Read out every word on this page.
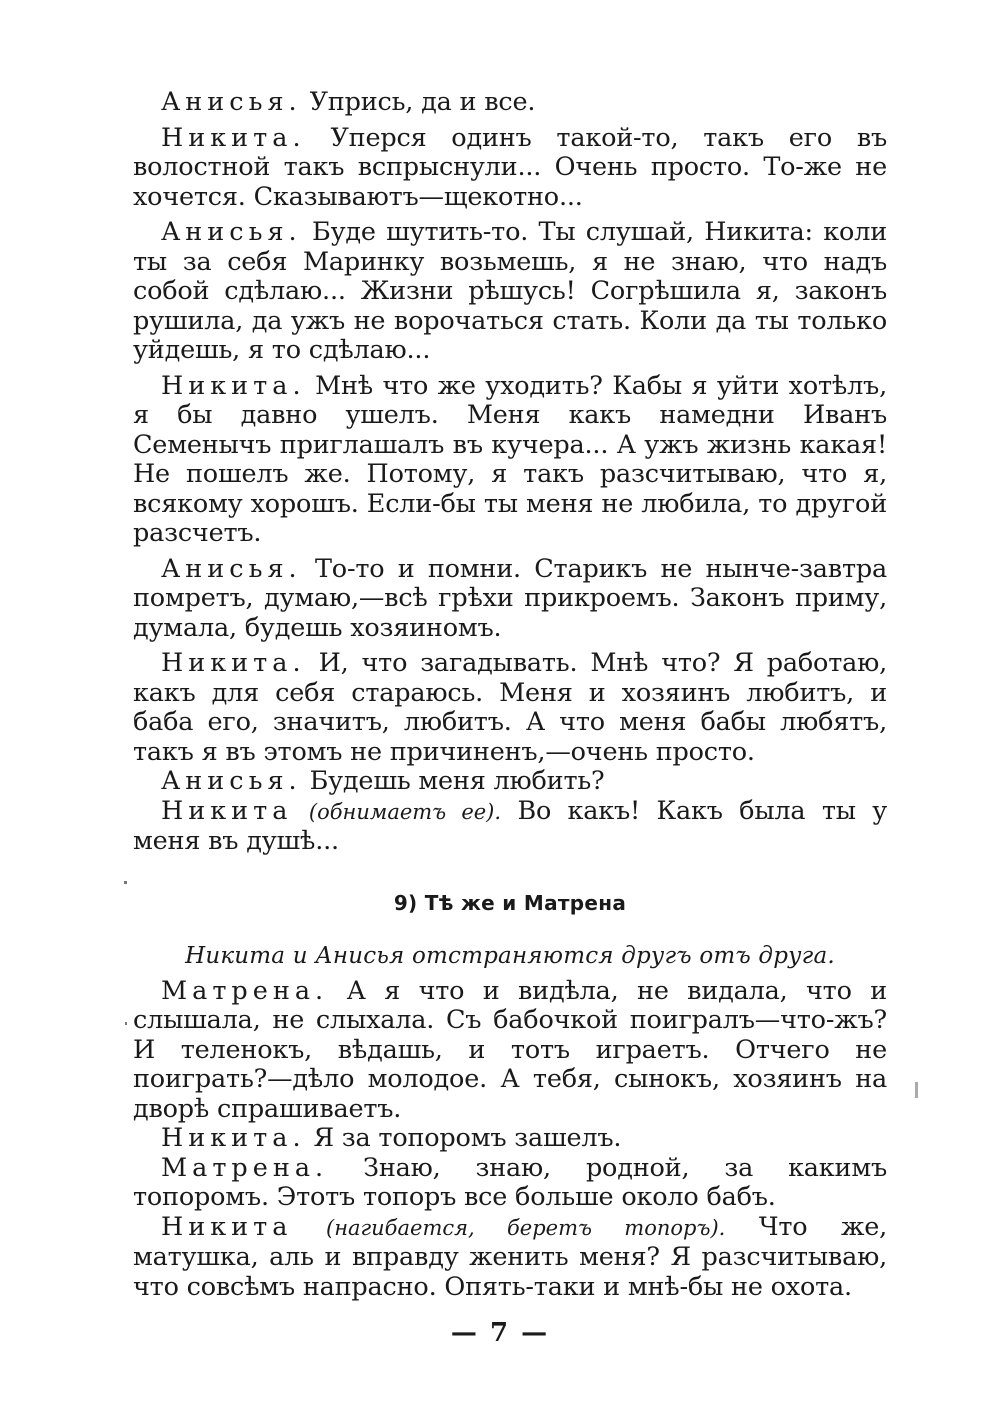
Анисья. Упрись, да и все.

Никита. Уперся одинъ такой-то, такъ его въ волостной такъ вспрыснули... Очень просто. То-же не хочется. Сказываютъ—щекотно...

Анисья. Буде шутить-то. Ты слушай, Никита: коли ты за себя Маринку возьмешь, я не знаю, что надъ собой сдѣлаю... Жизни рѣшусь! Согрѣшила я, законъ рушила, да ужъ не ворочаться стать. Коли да ты только уйдешь, я то сдѣлаю...

Никита. Мнѣ что же уходить? Кабы я уйти хотѣлъ, я бы давно ушелъ. Меня какъ намедни Иванъ Семенычъ приглашалъ въ кучера... А ужъ жизнь какая! Не пошелъ же. Потому, я такъ разсчитываю, что я, всякому хорошъ. Если-бы ты меня не любила, то другой разсчетъ.

Анисья. То-то и помни. Старикъ не нынче-завтра помретъ, думаю,—всѣ грѣхи прикроемъ. Законъ приму, думала, будешь хозяиномъ.

Никита. И, что загадывать. Мнѣ что? Я работаю, какъ для себя стараюсь. Меня и хозяинъ любитъ, и баба его, значитъ, любитъ. А что меня бабы любятъ, такъ я въ этомъ не причиненъ,—очень просто.

Анисья. Будешь меня любить?

Никита (обнимаетъ ее). Во какъ! Какъ была ты у меня въ душѣ...

9) Тѣ же и Матрена
Никита и Анисья отстраняются другъ отъ друга.

Матрена. А я что и видѣла, не видала, что и слышала, не слыхала. Съ бабочкой поигралъ—что-жъ? И теленокъ, вѣдашь, и тотъ играетъ. Отчего не поиграть?—дѣло молодое. А тебя, сынокъ, хозяинъ на дворѣ спрашиваетъ.

Никита. Я за топоромъ зашелъ.

Матрена. Знаю, знаю, родной, за какимъ топоромъ. Этотъ топоръ все больше около бабъ.

Никита (нагибается, беретъ топоръ). Что же, матушка, аль и вправду женить меня? Я разсчитываю, что совсѣмъ напрасно. Опять-таки и мнѣ-бы не охота.

— 7 —
